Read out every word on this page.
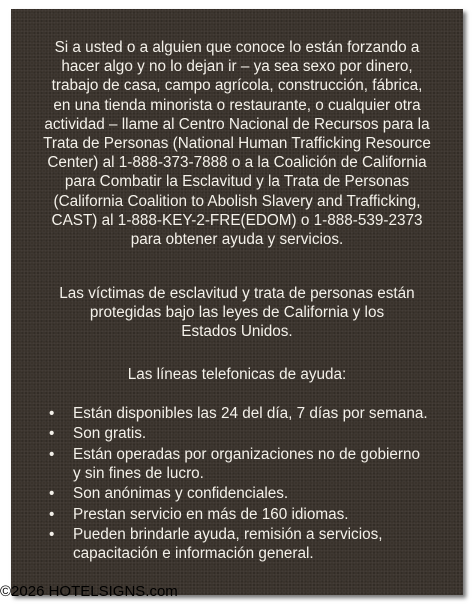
Si a usted o a alguien que conoce lo están forzando a
hacer algo y no lo dejan ir – ya sea sexo por dinero,
trabajo de casa, campo agrícola, construcción, fábrica,
en una tienda minorista o restaurante, o cualquier otra
actividad – llame al Centro Nacional de Recursos para la
Trata de Personas (National Human Trafficking Resource
Center) al 1-888-373-7888 o a la Coalición de California
para Combatir la Esclavitud y la Trata de Personas
(California Coalition to Abolish Slavery and Trafficking,
CAST) al 1-888-KEY-2-FRE(EDOM) o 1-888-539-2373
para obtener ayuda y servicios.

Las víctimas de esclavitud y trata de personas están
protegidas bajo las leyes de California y los
Estados Unidos.

Las líneas telefonicas de ayuda:

• Están disponibles las 24 del día, 7 días por semana.
• Son gratis.
• Están operadas por organizaciones no de gobierno
y sin fines de lucro.
• Son anónimas y confidenciales.
• Prestan servicio en más de 160 idiomas.
• Pueden brindarle ayuda, remisión a servicios,
capacitación e información general.
©2026 HOTELSIGNS.com
